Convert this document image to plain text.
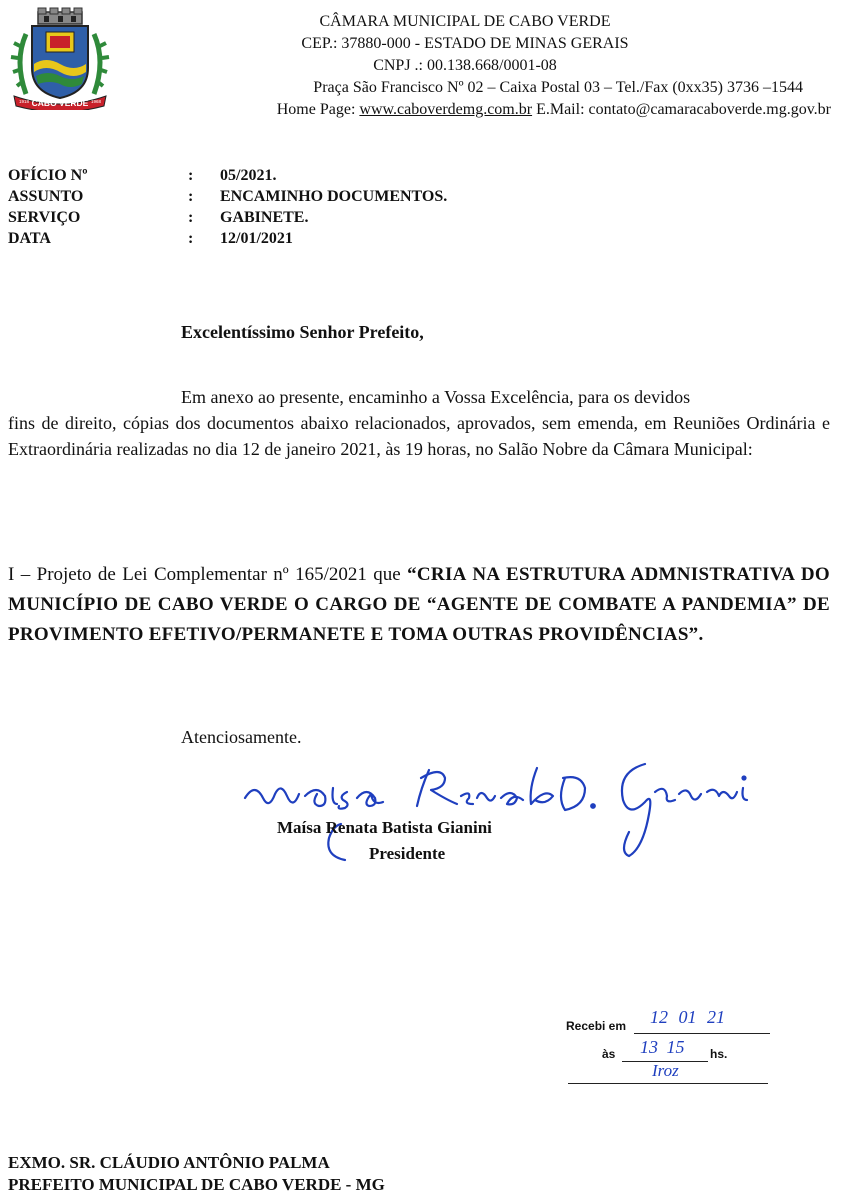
CABO VERDE
1918	1968
CÂMARA MUNICIPAL DE CABO VERDE
CEP.: 37880-000 - ESTADO DE MINAS GERAIS
CNPJ .: 00.138.668/0001-08
Praça São Francisco Nº 02 – Caixa Postal 03 – Tel./Fax (0xx35) 3736 –1544
Home Page: www.caboverdemg.com.br E.Mail: contato@camaracaboverde.mg.gov.br
OFÍCIO Nº	: 05/2021.
ASSUNTO	: ENCAMINHO DOCUMENTOS.
SERVIÇO	: GABINETE.
DATA	: 12/01/2021
Excelentíssimo Senhor Prefeito,
Em anexo ao presente, encaminho a Vossa Excelência, para os devidos
fins de direito, cópias dos documentos abaixo relacionados, aprovados, sem emenda, em Reuniões Ordinária e Extraordinária realizadas no dia 12 de janeiro 2021, às 19 horas, no Salão Nobre da Câmara Municipal:
I – Projeto de Lei Complementar nº 165/2021 que “CRIA NA ESTRUTURA ADMNISTRATIVA DO MUNICÍPIO DE CABO VERDE O CARGO DE “AGENTE DE COMBATE A PANDEMIA” DE PROVIMENTO EFETIVO/PERMANETE E TOMA OUTRAS PROVIDÊNCIAS”.
Atenciosamente.
Maísa Renata Batista Gianini
Presidente
Recebi em 12 01 21
às 13 15 hs.
Iroz
EXMO. SR. CLÁUDIO ANTÔNIO PALMA
PREFEITO MUNICIPAL DE CABO VERDE - MG
